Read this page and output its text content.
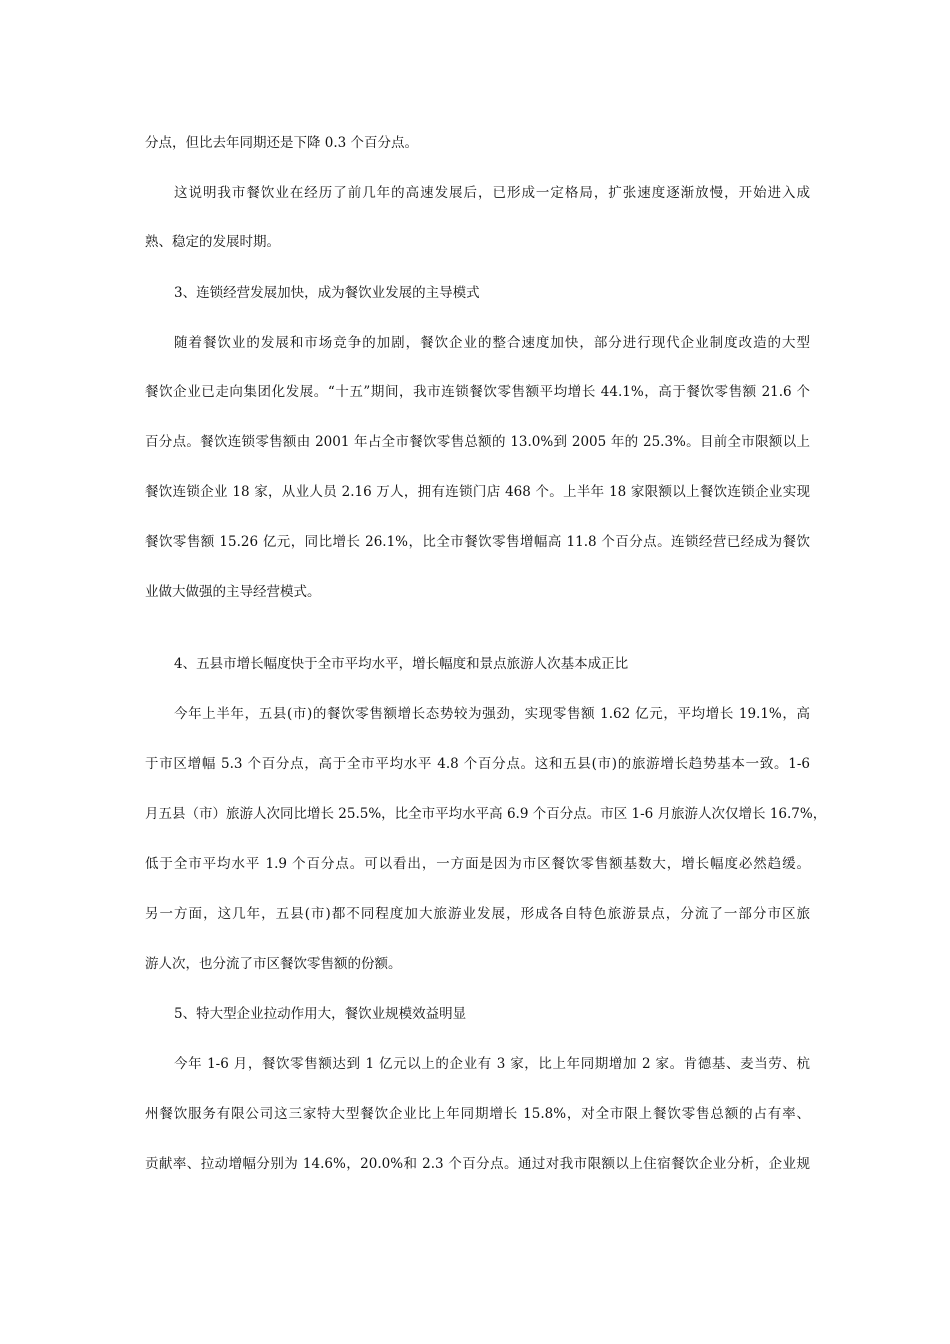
分点，但比去年同期还是下降 0.3 个百分点。
这说明我市餐饮业在经历了前几年的高速发展后，已形成一定格局，扩张速度逐渐放慢，开始进入成
熟、稳定的发展时期。
3、连锁经营发展加快，成为餐饮业发展的主导模式
随着餐饮业的发展和市场竞争的加剧，餐饮企业的整合速度加快，部分进行现代企业制度改造的大型
餐饮企业已走向集团化发展。“十五”期间，我市连锁餐饮零售额平均增长 44.1%，高于餐饮零售额 21.6 个
百分点。餐饮连锁零售额由 2001 年占全市餐饮零售总额的 13.0%到 2005 年的 25.3%。目前全市限额以上
餐饮连锁企业 18 家，从业人员 2.16 万人，拥有连锁门店 468 个。上半年 18 家限额以上餐饮连锁企业实现
餐饮零售额 15.26 亿元，同比增长 26.1%，比全市餐饮零售增幅高 11.8 个百分点。连锁经营已经成为餐饮
业做大做强的主导经营模式。
4、五县市增长幅度快于全市平均水平，增长幅度和景点旅游人次基本成正比
今年上半年，五县(市)的餐饮零售额增长态势较为强劲，实现零售额 1.62 亿元，平均增长 19.1%，高
于市区增幅 5.3 个百分点，高于全市平均水平 4.8 个百分点。这和五县(市)的旅游增长趋势基本一致。1-6
月五县（市）旅游人次同比增长 25.5%，比全市平均水平高 6.9 个百分点。市区 1-6 月旅游人次仅增长 16.7%，
低于全市平均水平 1.9 个百分点。可以看出，一方面是因为市区餐饮零售额基数大，增长幅度必然趋缓。
另一方面，这几年，五县(市)都不同程度加大旅游业发展，形成各自特色旅游景点，分流了一部分市区旅
游人次，也分流了市区餐饮零售额的份额。
5、特大型企业拉动作用大，餐饮业规模效益明显
今年 1-6 月，餐饮零售额达到 1 亿元以上的企业有 3 家，比上年同期增加 2 家。肯德基、麦当劳、杭
州餐饮服务有限公司这三家特大型餐饮企业比上年同期增长 15.8%，对全市限上餐饮零售总额的占有率、
贡献率、拉动增幅分别为 14.6%，20.0%和 2.3 个百分点。通过对我市限额以上住宿餐饮企业分析，企业规
